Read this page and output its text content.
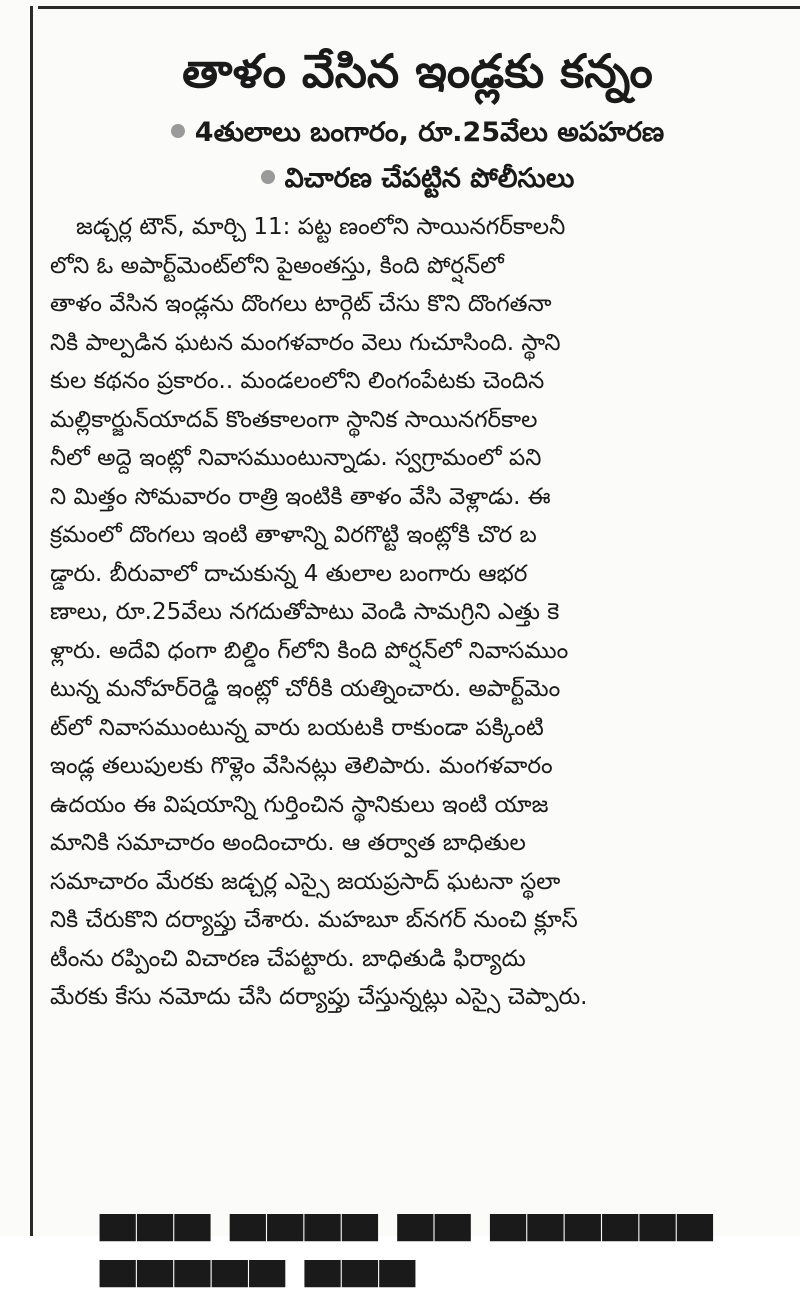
తాళం వేసిన ఇండ్లకు కన్నం

4తులాలు బంగారం, రూ.25వేలు అపహరణ

విచారణ చేపట్టిన పోలీసులు

జడ్చర్ల టౌన్, మార్చి 11: పట్ట ణంలోని సాయినగర్‌కాలనీ
లోని ఓ అపార్ట్‌మెంట్‌లోని పైఅంతస్తు, కింది పోర్షన్‌లో
తాళం వేసిన ఇండ్లను దొంగలు టార్గెట్ చేసు కొని దొంగతనా
నికి పాల్పడిన ఘటన మంగళవారం వెలు గుచూసింది. స్థాని
కుల కథనం ప్రకారం.. మండలంలోని లింగంపేటకు చెందిన
మల్లికార్జున్‌యాదవ్ కొంతకాలంగా స్థానిక సాయినగర్‌కాల
నీలో అద్దె ఇంట్లో నివాసముంటున్నాడు. స్వగ్రామంలో పని
ని మిత్తం సోమవారం రాత్రి ఇంటికి తాళం వేసి వెళ్లాడు. ఈ
క్రమంలో దొంగలు ఇంటి తాళాన్ని విరగొట్టి ఇంట్లోకి చొర బ
డ్డారు. బీరువాలో దాచుకున్న 4 తులాల బంగారు ఆభర
ణాలు, రూ.25వేలు నగదుతోపాటు వెండి సామగ్రిని ఎత్తు కె
ళ్లారు. అదేవి ధంగా బిల్డిం గ్‌లోని కింది పోర్షన్‌లో నివాసముం
టున్న మనోహర్‌రెడ్డి ఇంట్లో చోరీకి యత్నించారు. అపార్ట్‌మెం
ట్‌లో నివాసముంటున్న వారు బయటకి రాకుండా పక్కింటి
ఇండ్ల తలుపులకు గొళ్లెం వేసినట్లు తెలిపారు. మంగళవారం
ఉదయం ఈ విషయాన్ని గుర్తించిన స్థానికులు ఇంటి యాజ
మానికి సమాచారం అందించారు. ఆ తర్వాత బాధితుల
సమాచారం మేరకు జడ్చర్ల ఎస్సై జయప్రసాద్ ఘటనా స్థలా
నికి చేరుకొని దర్యాప్తు చేశారు. మహబూ బ్‌నగర్ నుంచి క్లూస్
టీంను రప్పించి విచారణ చేపట్టారు. బాధితుడి ఫిర్యాదు
మేరకు కేసు నమోదు చేసి దర్యాప్తు చేస్తున్నట్లు ఎస్సై చెప్పారు.
▀▀▀ ▀▀▀▀ ▀▀ ▀▀▀▀▀▀ ▀▀▀▀▀ ▀▀▀
